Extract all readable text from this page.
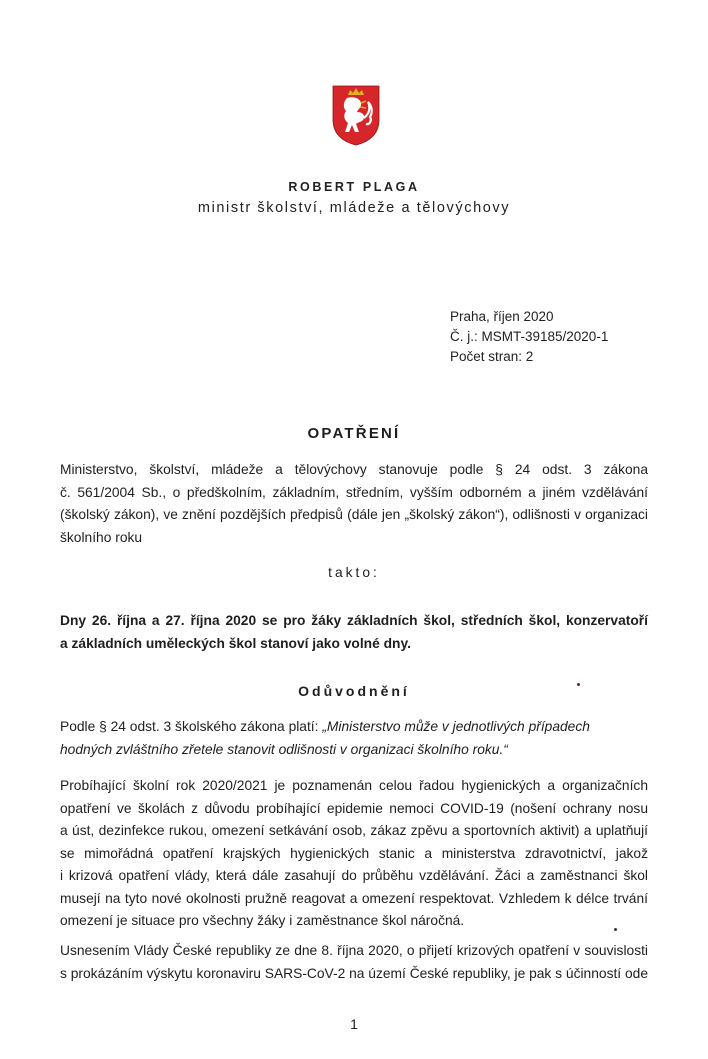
ROBERT PLAGA
ministr školství, mládeže a tělovýchovy
Praha, říjen 2020
Č. j.: MSMT-39185/2020-1
Počet stran: 2
OPATŘENÍ
Ministerstvo, školství, mládeže a tělovýchovy stanovuje podle § 24 odst. 3 zákona
č. 561/2004 Sb., o předškolním, základním, středním, vyšším odborném a jiném vzdělávání
(školský zákon), ve znění pozdějších předpisů (dále jen „školský zákon“), odlišnosti v organizaci
školního roku
takto:
Dny 26. října a 27. října 2020 se pro žáky základních škol, středních škol, konzervatoří
a základních uměleckých škol stanoví jako volné dny.
Odůvodnění
Podle § 24 odst. 3 školského zákona platí: „Ministerstvo může v jednotlivých případech
hodných zvláštního zřetele stanovit odlišnosti v organizaci školního roku.“
Probíhající školní rok 2020/2021 je poznamenán celou řadou hygienických a organizačních
opatření ve školách z důvodu probíhající epidemie nemoci COVID-19 (nošení ochrany nosu
a úst, dezinfekce rukou, omezení setkávání osob, zákaz zpěvu a sportovních aktivit) a uplatňují
se mimořádná opatření krajských hygienických stanic a ministerstva zdravotnictví, jakož
i krizová opatření vlády, která dále zasahují do průběhu vzdělávání. Žáci a zaměstnanci škol
musejí na tyto nové okolnosti pružně reagovat a omezení respektovat. Vzhledem k délce trvání
omezení je situace pro všechny žáky i zaměstnance škol náročná.
Usnesením Vlády České republiky ze dne 8. října 2020, o přijetí krizových opatření v souvislosti
s prokázáním výskytu koronaviru SARS-CoV-2 na území České republiky, je pak s účinností ode
1
